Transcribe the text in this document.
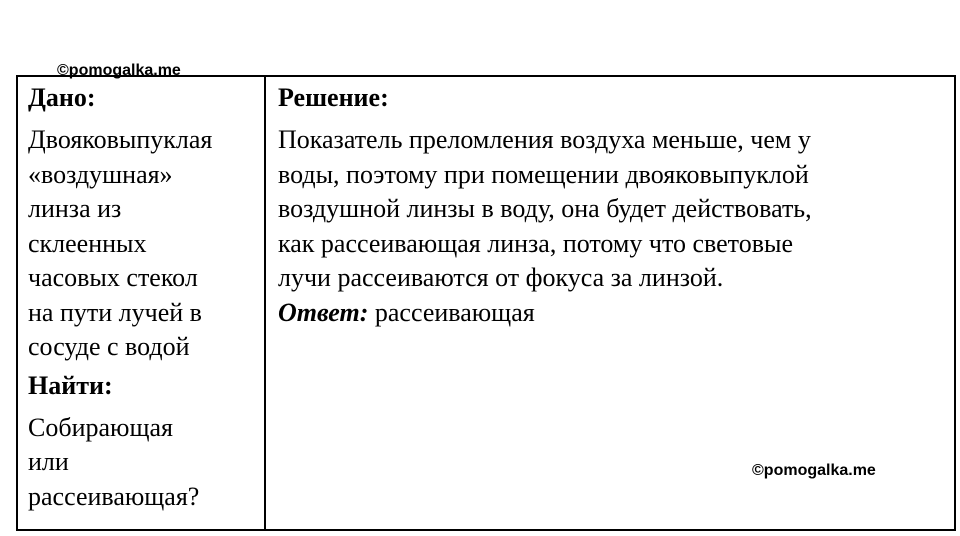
©pomogalka.me
Дано:
Двояковыпуклая
«воздушная»
линза из
склеенных
часовых стекол
на пути лучей в
сосуде с водой
Найти:
Собирающая
или
рассеивающая?
Решение:
Показатель преломления воздуха меньше, чем у
воды, поэтому при помещении двояковыпуклой
воздушной линзы в воду, она будет действовать,
как рассеивающая линза, потому что световые
лучи рассеиваются от фокуса за линзой.
Ответ: рассеивающая
©pomogalka.me
